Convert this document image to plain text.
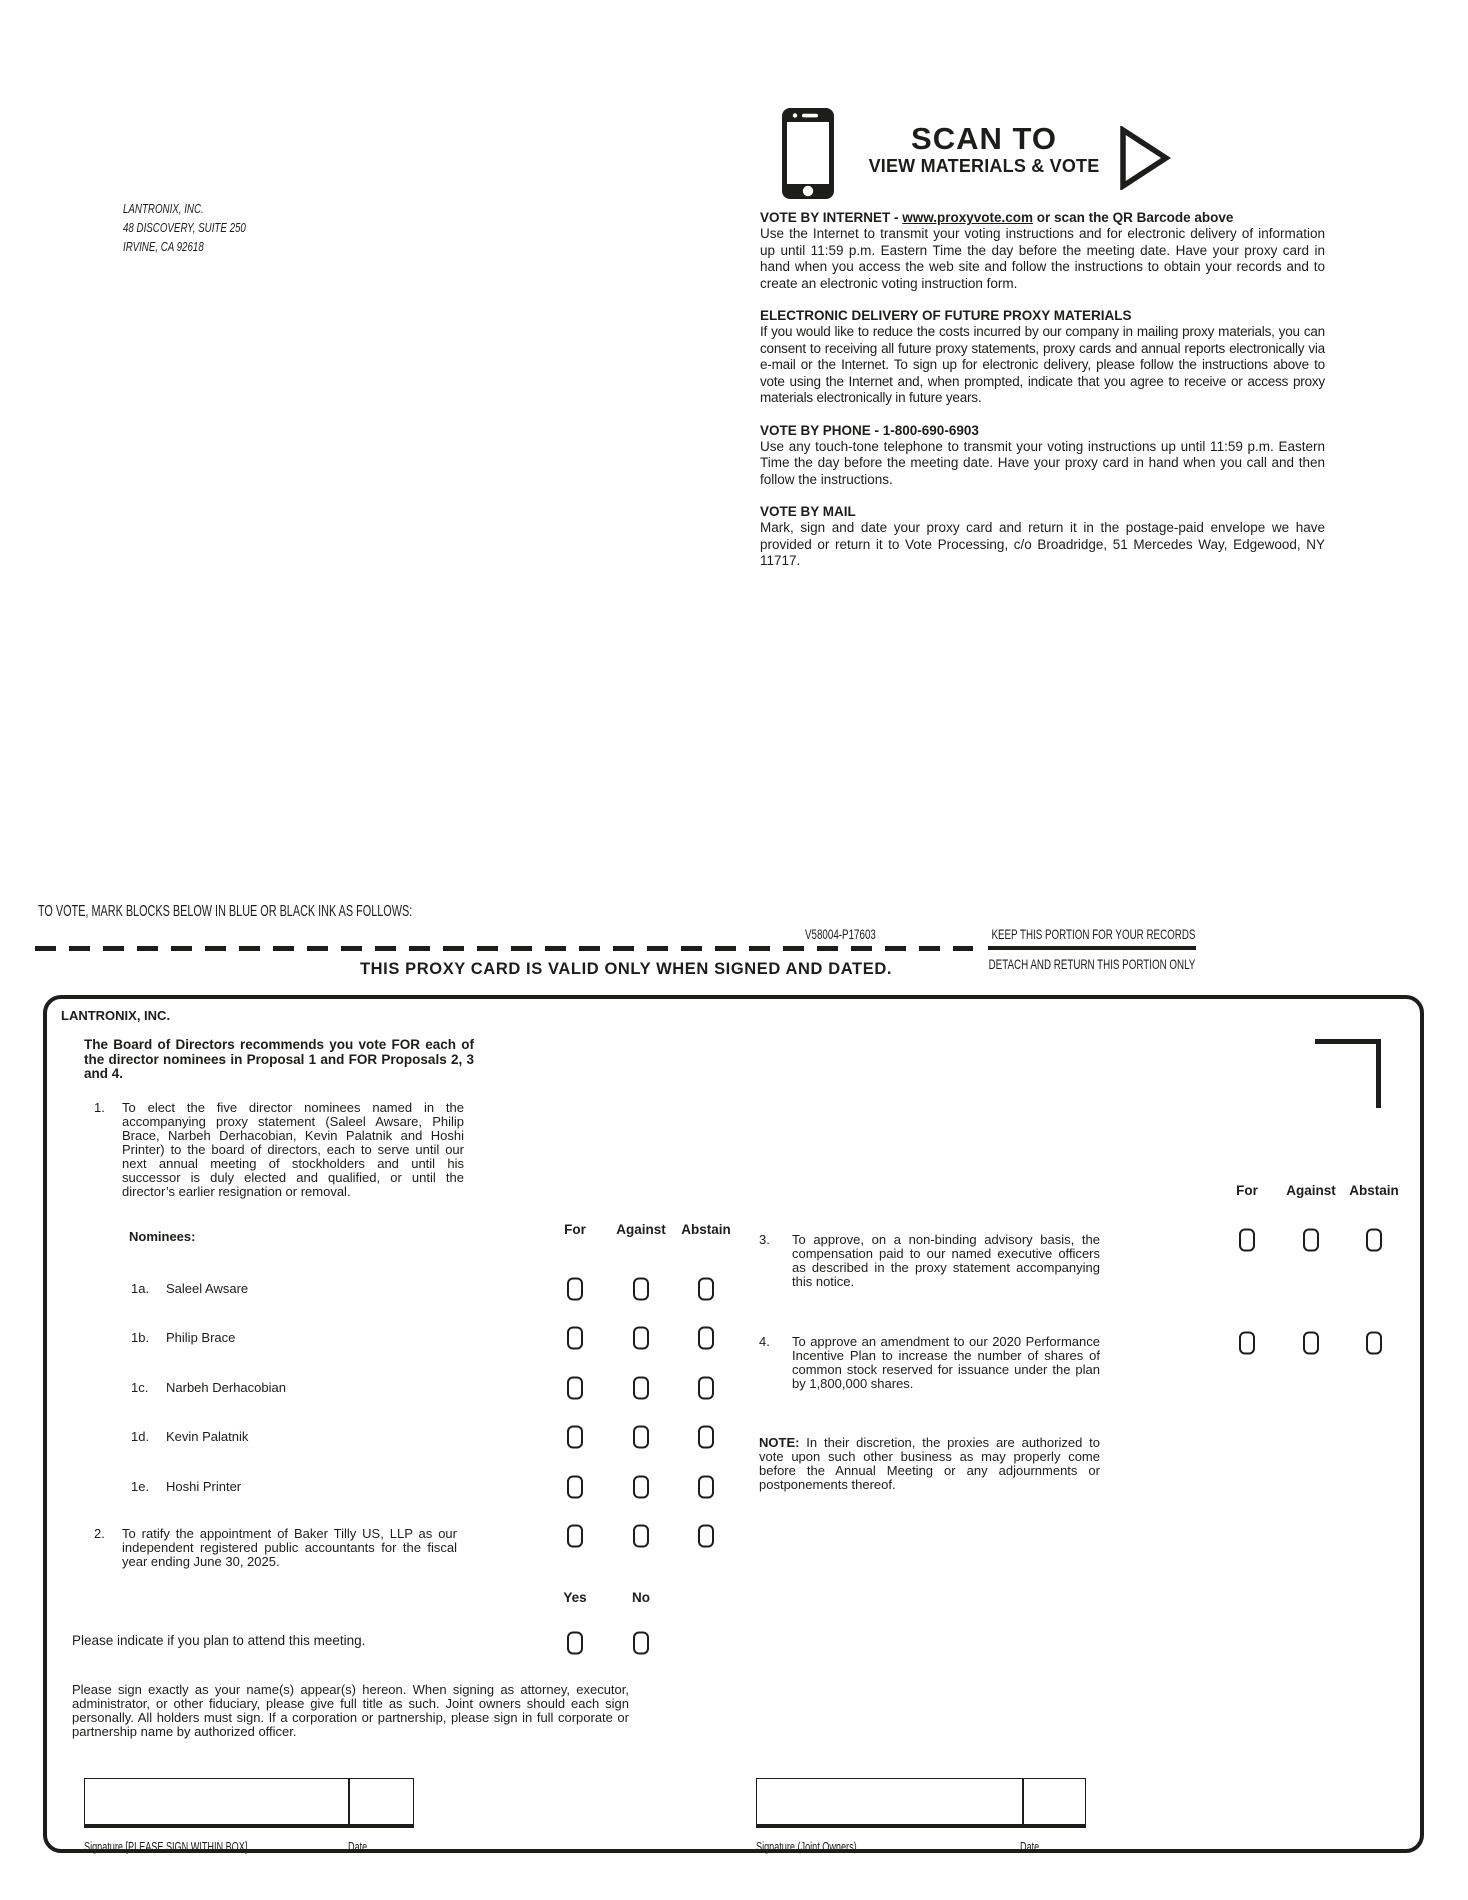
LANTRONIX, INC.
48 DISCOVERY, SUITE 250
IRVINE, CA 92618
SCAN TO
VIEW MATERIALS & VOTE
VOTE BY INTERNET - www.proxyvote.com or scan the QR Barcode above
Use the Internet to transmit your voting instructions and for electronic delivery of information up until 11:59 p.m. Eastern Time the day before the meeting date. Have your proxy card in hand when you access the web site and follow the instructions to obtain your records and to create an electronic voting instruction form.
ELECTRONIC DELIVERY OF FUTURE PROXY MATERIALS
If you would like to reduce the costs incurred by our company in mailing proxy materials, you can consent to receiving all future proxy statements, proxy cards and annual reports electronically via e-mail or the Internet. To sign up for electronic delivery, please follow the instructions above to vote using the Internet and, when prompted, indicate that you agree to receive or access proxy materials electronically in future years.
VOTE BY PHONE - 1-800-690-6903
Use any touch-tone telephone to transmit your voting instructions up until 11:59 p.m. Eastern Time the day before the meeting date. Have your proxy card in hand when you call and then follow the instructions.
VOTE BY MAIL
Mark, sign and date your proxy card and return it in the postage-paid envelope we have provided or return it to Vote Processing, c/o Broadridge, 51 Mercedes Way, Edgewood, NY 11717.
TO VOTE, MARK BLOCKS BELOW IN BLUE OR BLACK INK AS FOLLOWS:
V58004-P17603	KEEP THIS PORTION FOR YOUR RECORDS
THIS PROXY CARD IS VALID ONLY WHEN SIGNED AND DATED.	DETACH AND RETURN THIS PORTION ONLY
LANTRONIX, INC.
The Board of Directors recommends you vote FOR each of the director nominees in Proposal 1 and FOR Proposals 2, 3 and 4.
1. To elect the five director nominees named in the accompanying proxy statement (Saleel Awsare, Philip Brace, Narbeh Derhacobian, Kevin Palatnik and Hoshi Printer) to the board of directors, each to serve until our next annual meeting of stockholders and until his successor is duly elected and qualified, or until the director’s earlier resignation or removal.
Nominees:	For Against Abstain
1a. Saleel Awsare
1b. Philip Brace
1c. Narbeh Derhacobian
1d. Kevin Palatnik
1e. Hoshi Printer
2. To ratify the appointment of Baker Tilly US, LLP as our independent registered public accountants for the fiscal year ending June 30, 2025.
Yes	No
Please indicate if you plan to attend this meeting.
Please sign exactly as your name(s) appear(s) hereon. When signing as attorney, executor, administrator, or other fiduciary, please give full title as such. Joint owners should each sign personally. All holders must sign. If a corporation or partnership, please sign in full corporate or partnership name by authorized officer.
For Against Abstain
3. To approve, on a non-binding advisory basis, the compensation paid to our named executive officers as described in the proxy statement accompanying this notice.
4. To approve an amendment to our 2020 Performance Incentive Plan to increase the number of shares of common stock reserved for issuance under the plan by 1,800,000 shares.
NOTE: In their discretion, the proxies are authorized to vote upon such other business as may properly come before the Annual Meeting or any adjournments or postponements thereof.
Signature [PLEASE SIGN WITHIN BOX]	Date	Signature (Joint Owners)	Date
